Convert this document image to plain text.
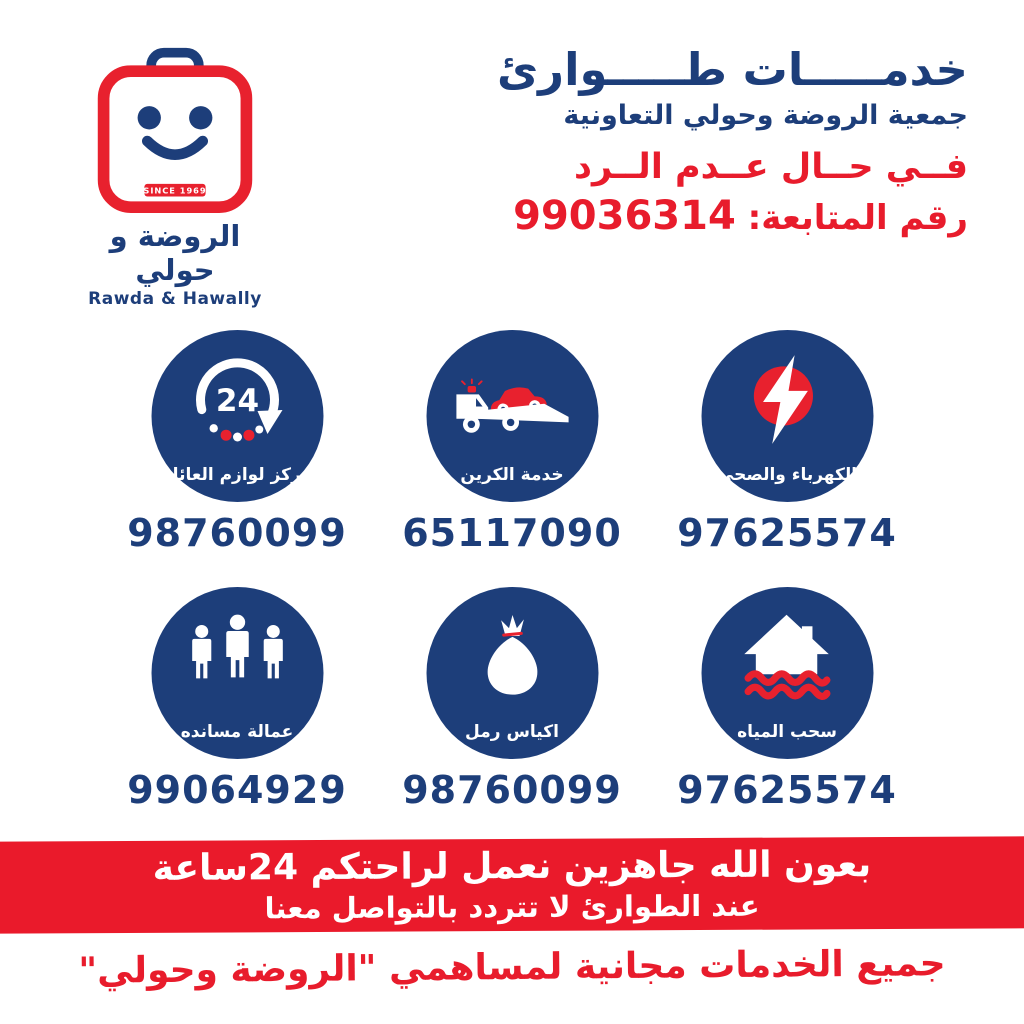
SINCE 1969
الروضة و حولي
Rawda & Hawally
خدمـــــات طـــــوارئ
جمعية الروضة وحولي التعاونية
فــي حــال عــدم الــرد
رقم المتابعة: 99036314
24
مركز لوازم العائلة
98760099
خدمة الكرين
65117090
الكهرباء والصحي
97625574
عمالة مسانده
99064929
اكياس رمل
98760099
سحب المياه
97625574
بعون الله جاهزين نعمل لراحتكم 24ساعة
عند الطوارئ لا تتردد بالتواصل معنا
جميع الخدمات مجانية لمساهمي "الروضة وحولي"
